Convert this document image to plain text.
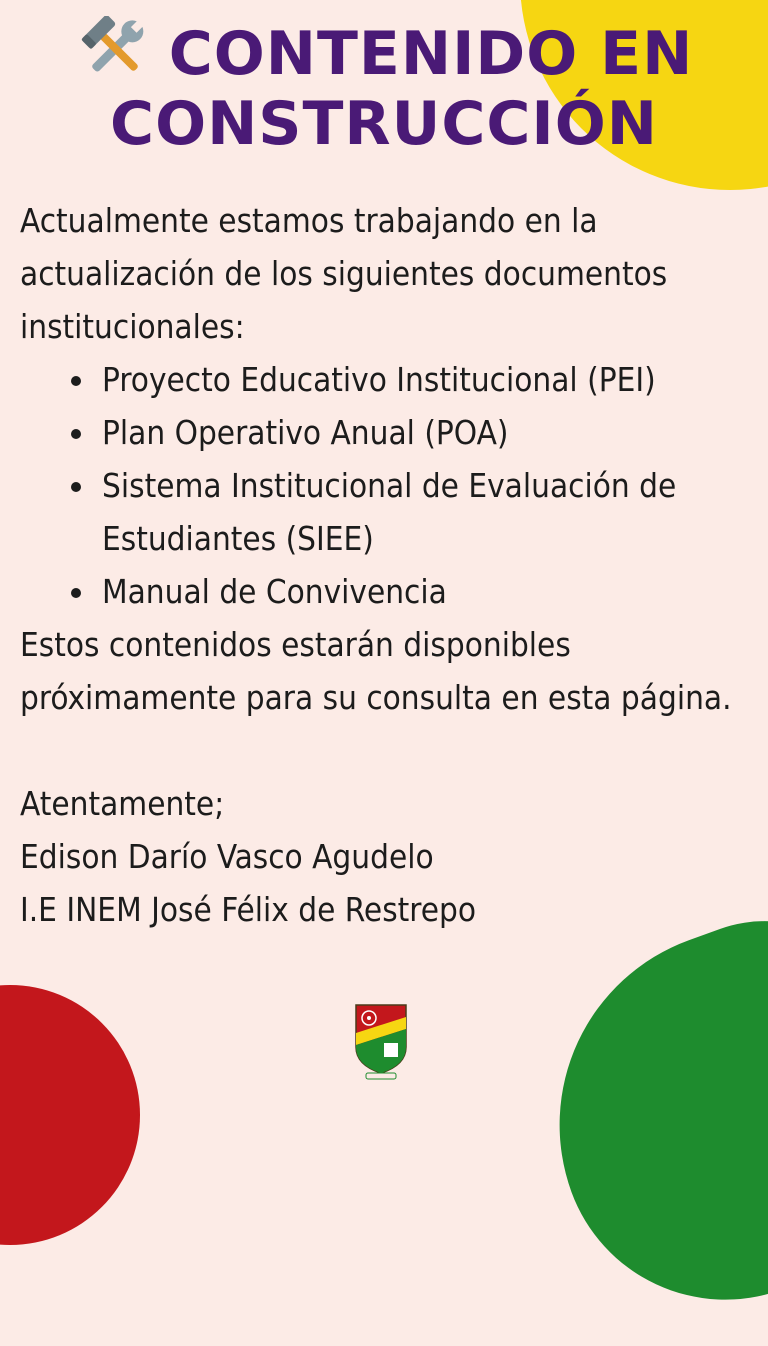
CONTENIDO EN
CONSTRUCCIÓN

Actualmente estamos trabajando en la actualización de los siguientes documentos institucionales:

• Proyecto Educativo Institucional (PEI)
• Plan Operativo Anual (POA)
• Sistema Institucional de Evaluación de Estudiantes (SIEE)
• Manual de Convivencia

Estos contenidos estarán disponibles próximamente para su consulta en esta página.

Atentamente;

Edison Darío Vasco Agudelo

I.E INEM José Félix de Restrepo
